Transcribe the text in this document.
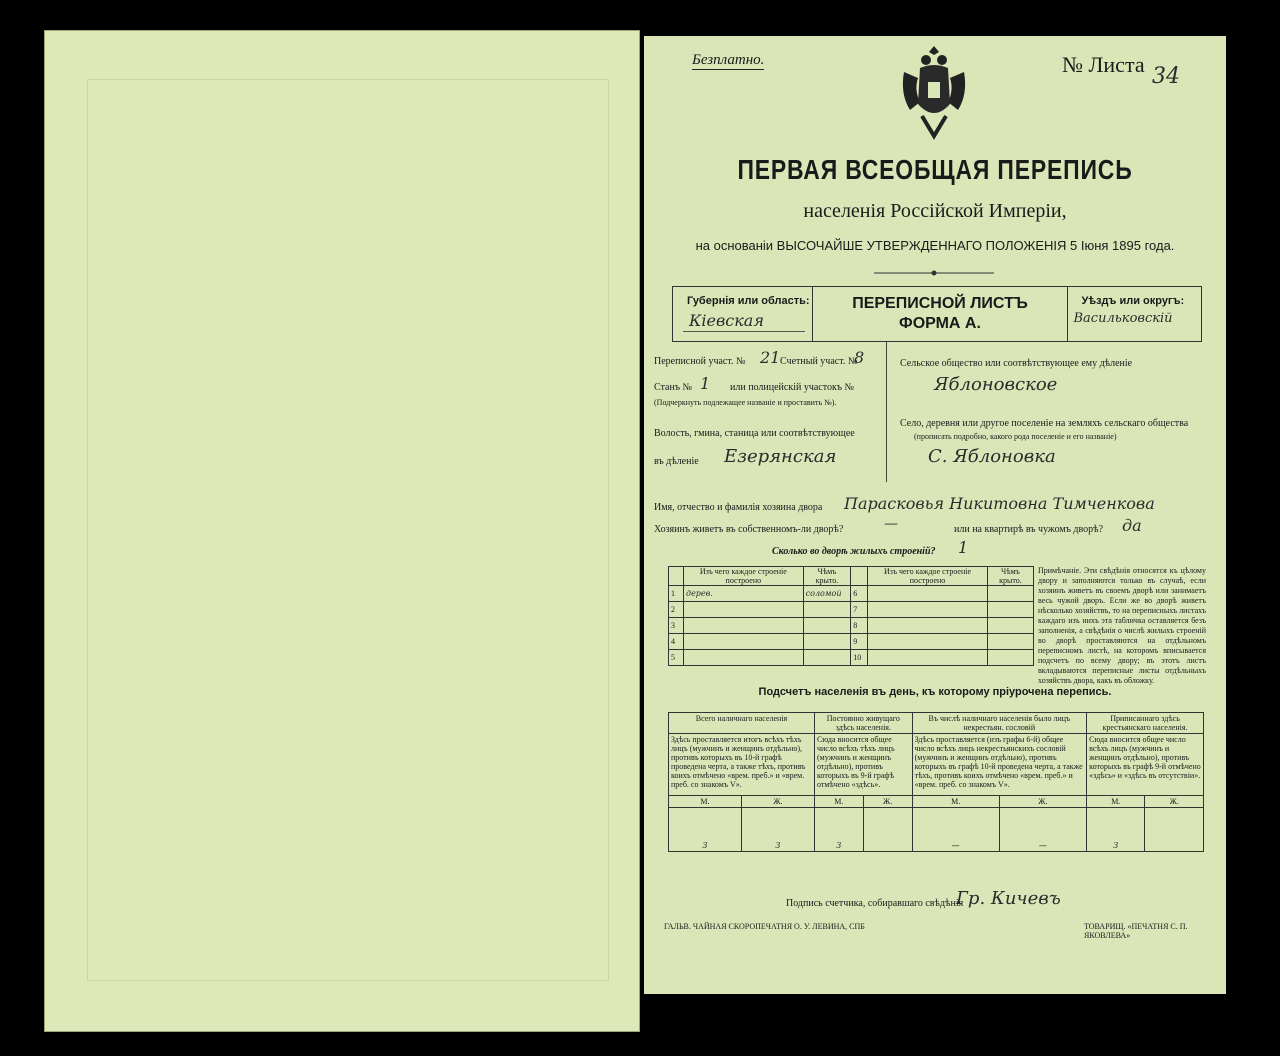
Безплатно.	№ Листа 34
ПЕРВАЯ ВСЕОБЩАЯ ПЕРЕПИСЬ
населенія Россійской Имперіи,
на основаніи ВЫСОЧАЙШЕ УТВЕРЖДЕННАГО ПОЛОЖЕНІЯ 5 Іюня 1895 года.
Губернія или область:
Кіевская
ПЕРЕПИСНОЙ ЛИСТЪ
ФОРМА А.
Уѣздъ или округъ:
Васильковскій
Переписной участ. № 21 Счетный участ. №
8
Станъ № 1 или полицейскій участокъ №
(Подчеркнуть подлежащее названіе и проставить №).
Волость, гмина, станица или соотвѣтствующее
въ дѣленіе Езерянская
Сельское общество или соотвѣтствующее ему дѣленіе
Яблоновское
Село, деревня или другое поселеніе на земляхъ сельскаго общества
(прописать подробно, какого рода поселеніе и его названіе)
С. Яблоновка
Имя, отчество и фамилія хозяина двора Парасковья Никитовна Тимченкова
Хозяинъ живетъ въ собственномъ-ли дворѣ?	—	или на квартирѣ въ чужомъ дворѣ? да
Сколько во дворѣ жилыхъ строеній? 1
	Изъ чего каждое строеніе построено	Чѣмъ крыто.		Изъ чего каждое строеніе построено	Чѣмъ крыто.
1	дерев.	соломой	6		
2			7		
3			8		
4			9		
5			10		
Примѣчаніе. Эти свѣдѣнія относятся къ цѣлому двору и заполняются только въ случаѣ, если хозяинъ живетъ въ своемъ дворѣ или занимаетъ весь чужой дворъ. Если же во дворѣ живетъ нѣсколько хозяйствъ, то на переписныхъ листахъ каждаго изъ нихъ эта табличка оставляется безъ заполненія, а свѣдѣнія о числѣ жилыхъ строеній во дворѣ проставляются на отдѣльномъ переписномъ листѣ, на которомъ вписывается подсчетъ по всему двору; въ этотъ листъ вкладываются переписные листы отдѣльныхъ хозяйствъ двора, какъ въ обложку.
Подсчетъ населенія въ день, къ которому пріурочена перепись.
Всего наличнаго населенія		Постоянно живущаго здѣсь населенія.		Въ числѣ наличнаго населенія было лицъ некрестьян. сословій		Приписаннаго здѣсь крестьянскаго населенія.	
Здѣсь проставляется итогъ всѣхъ тѣхъ лицъ (мужчинъ и женщинъ отдѣльно), противъ которыхъ въ 10-й графѣ проведена черта, а также тѣхъ, противъ коихъ отмѣчено «врем. преб.» и «врем. преб. со знакомъ V».		Сюда вносится общее число всѣхъ тѣхъ лицъ (мужчинъ и женщинъ отдѣльно), противъ которыхъ въ 9-й графѣ отмѣчено «здѣсь».		Здѣсь проставляется (изъ графы 6-й) общее число всѣхъ лицъ некрестьянскихъ сословій (мужчинъ и женщинъ отдѣльно), противъ которыхъ въ графѣ 10-й проведена черта, а также тѣхъ, противъ коихъ отмѣчено «врем. преб.» и «врем. преб. со знакомъ V».		Сюда вносится общее число всѣхъ лицъ (мужчинъ и женщинъ отдѣльно), противъ которыхъ въ графѣ 9-й отмѣчено «здѣсь» и «здѣсь въ отсутствіи».	
М.	Ж.	М.	Ж.	М.	Ж.	М.	Ж.
3	3	3		—	—	3	
Подпись счетчика, собиравшаго свѣдѣнія
Гр. Кичевъ
ГАЛЬВ. ЧАЙНАЯ СКОРОПЕЧАТНЯ О. У. ЛЕВИНА, СПБ	ТОВАРИЩ. «ПЕЧАТНЯ С. П. ЯКОВЛЕВА»
